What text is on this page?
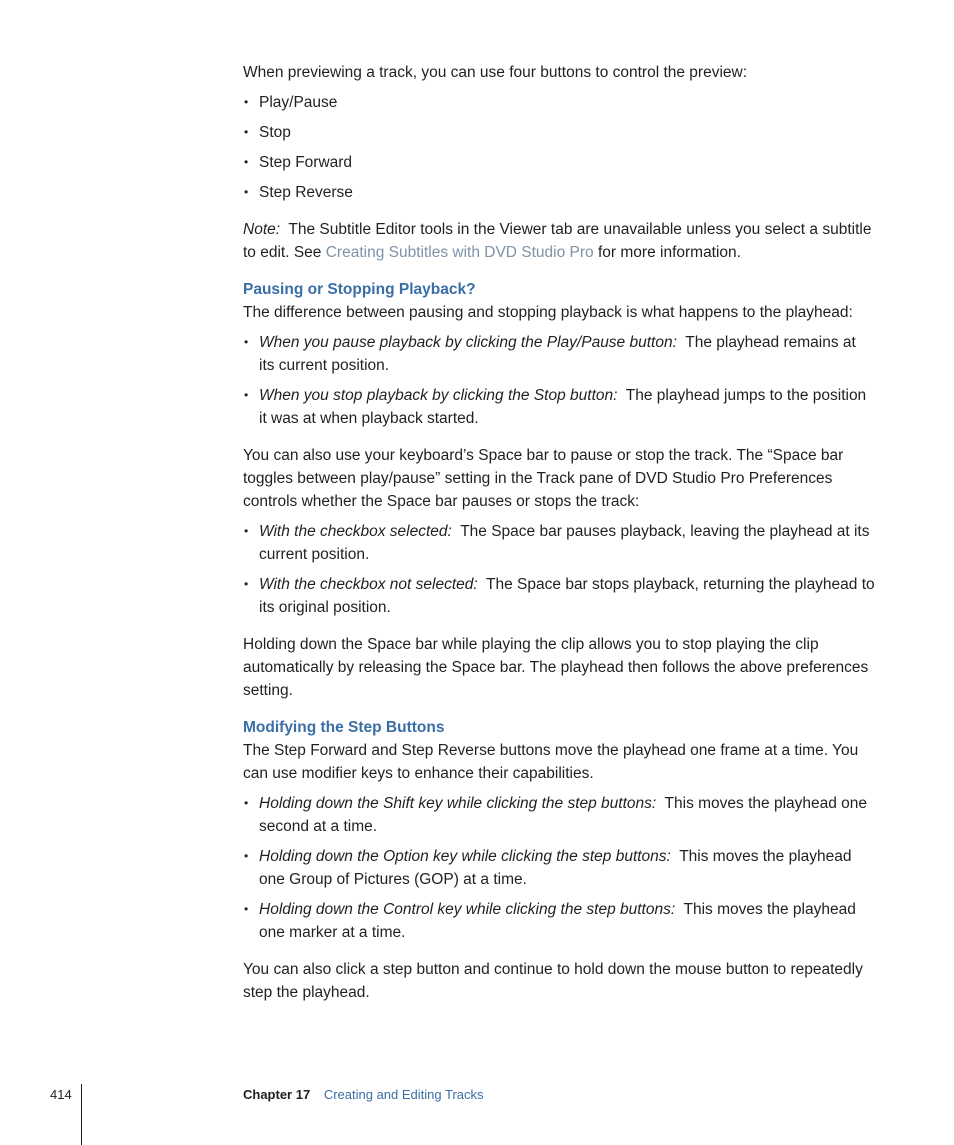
When previewing a track, you can use four buttons to control the preview:

• Play/Pause
• Stop
• Step Forward
• Step Reverse

Note: The Subtitle Editor tools in the Viewer tab are unavailable unless you select a subtitle to edit. See Creating Subtitles with DVD Studio Pro for more information.

Pausing or Stopping Playback?

The difference between pausing and stopping playback is what happens to the playhead:

• When you pause playback by clicking the Play/Pause button: The playhead remains at its current position.
• When you stop playback by clicking the Stop button: The playhead jumps to the position it was at when playback started.

You can also use your keyboard’s Space bar to pause or stop the track. The “Space bar toggles between play/pause” setting in the Track pane of DVD Studio Pro Preferences controls whether the Space bar pauses or stops the track:

• With the checkbox selected: The Space bar pauses playback, leaving the playhead at its current position.
• With the checkbox not selected: The Space bar stops playback, returning the playhead to its original position.

Holding down the Space bar while playing the clip allows you to stop playing the clip automatically by releasing the Space bar. The playhead then follows the above preferences setting.

Modifying the Step Buttons

The Step Forward and Step Reverse buttons move the playhead one frame at a time. You can use modifier keys to enhance their capabilities.

• Holding down the Shift key while clicking the step buttons: This moves the playhead one second at a time.
• Holding down the Option key while clicking the step buttons: This moves the playhead one Group of Pictures (GOP) at a time.
• Holding down the Control key while clicking the step buttons: This moves the playhead one marker at a time.

You can also click a step button and continue to hold down the mouse button to repeatedly step the playhead.

414	Chapter 17 Creating and Editing Tracks
